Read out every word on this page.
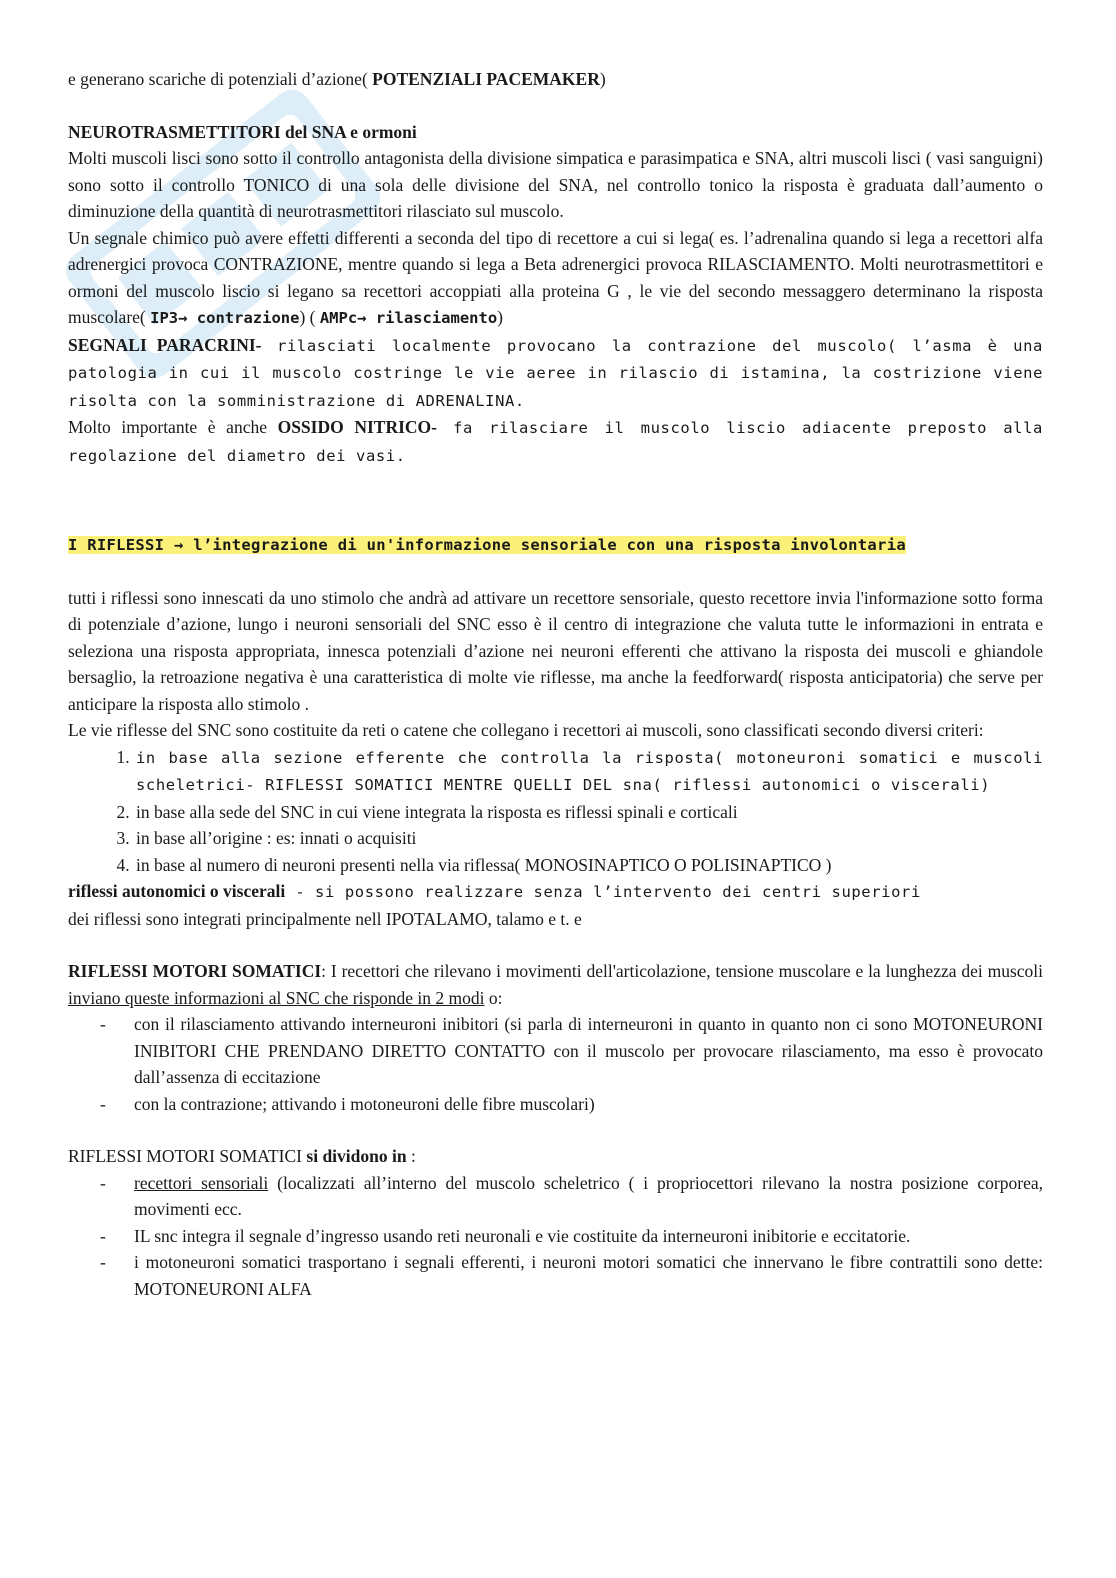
e generano scariche di potenziali d’azione( POTENZIALI PACEMAKER)

NEUROTRASMETTITORI del SNA e ormoni

Molti muscoli lisci sono sotto il controllo antagonista della divisione simpatica e parasimpatica e SNA, altri muscoli lisci ( vasi sanguigni) sono sotto il controllo TONICO di una sola delle divisione del SNA, nel controllo tonico la risposta è graduata dall’aumento o diminuzione della quantità di neurotrasmettitori rilasciato sul muscolo.

Un segnale chimico può avere effetti differenti a seconda del tipo di recettore a cui si lega( es. l’adrenalina quando si lega a recettori alfa adrenergici provoca CONTRAZIONE, mentre quando si lega a Beta adrenergici provoca RILASCIAMENTO. Molti neurotrasmettitori e ormoni del muscolo liscio si legano sa recettori accoppiati alla proteina G , le vie del secondo messaggero determinano la risposta muscolare( IP3→ contrazione) ( AMPc→ rilasciamento)

SEGNALI PARACRINI- rilasciati localmente provocano la contrazione del muscolo( l’asma è una patologia in cui il muscolo costringe le vie aeree in rilascio di istamina, la costrizione viene risolta con la somministrazione di ADRENALINA.

Molto importante è anche OSSIDO NITRICO- fa rilasciare il muscolo liscio adiacente preposto alla regolazione del diametro dei vasi.

I RIFLESSI → l’integrazione di un'informazione sensoriale con una risposta involontaria

tutti i riflessi sono innescati da uno stimolo che andrà ad attivare un recettore sensoriale, questo recettore invia l'informazione sotto forma di potenziale d’azione, lungo i neuroni sensoriali del SNC esso è il centro di integrazione che valuta tutte le informazioni in entrata e seleziona una risposta appropriata, innesca potenziali d’azione nei neuroni efferenti che attivano la risposta dei muscoli e ghiandole bersaglio, la retroazione negativa è una caratteristica di molte vie riflesse, ma anche la feedforward( risposta anticipatoria) che serve per anticipare la risposta allo stimolo .

Le vie riflesse del SNC sono costituite da reti o catene che collegano i recettori ai muscoli, sono classificati secondo diversi criteri:

1. in base alla sezione efferente che controlla la risposta( motoneuroni somatici e muscoli scheletrici- RIFLESSI SOMATICI MENTRE QUELLI DEL sna( riflessi autonomici o viscerali)
2. in base alla sede del SNC in cui viene integrata la risposta es riflessi spinali e corticali
3. in base all’origine : es: innati o acquisiti
4. in base al numero di neuroni presenti nella via riflessa( MONOSINAPTICO O POLISINAPTICO )

riflessi autonomici o viscerali - si possono realizzare senza l’intervento dei centri superiori

dei riflessi sono integrati principalmente nell IPOTALAMO, talamo e t. e

RIFLESSI MOTORI SOMATICI: I recettori che rilevano i movimenti dell'articolazione, tensione muscolare e la lunghezza dei muscoli inviano queste informazioni al SNC che risponde in 2 modi o:

- con il rilasciamento attivando interneuroni inibitori (si parla di interneuroni in quanto in quanto non ci sono MOTONEURONI INIBITORI CHE PRENDANO DIRETTO CONTATTO con il muscolo per provocare rilasciamento, ma esso è provocato dall’assenza di eccitazione
- con la contrazione; attivando i motoneuroni delle fibre muscolari)

RIFLESSI MOTORI SOMATICI si dividono in :

- recettori sensoriali (localizzati all’interno del muscolo scheletrico ( i propriocettori rilevano la nostra posizione corporea, movimenti ecc.
- IL snc integra il segnale d’ingresso usando reti neuronali e vie costituite da interneuroni inibitorie e eccitatorie.
- i motoneuroni somatici trasportano i segnali efferenti, i neuroni motori somatici che innervano le fibre contrattili sono dette: MOTONEURONI ALFA
